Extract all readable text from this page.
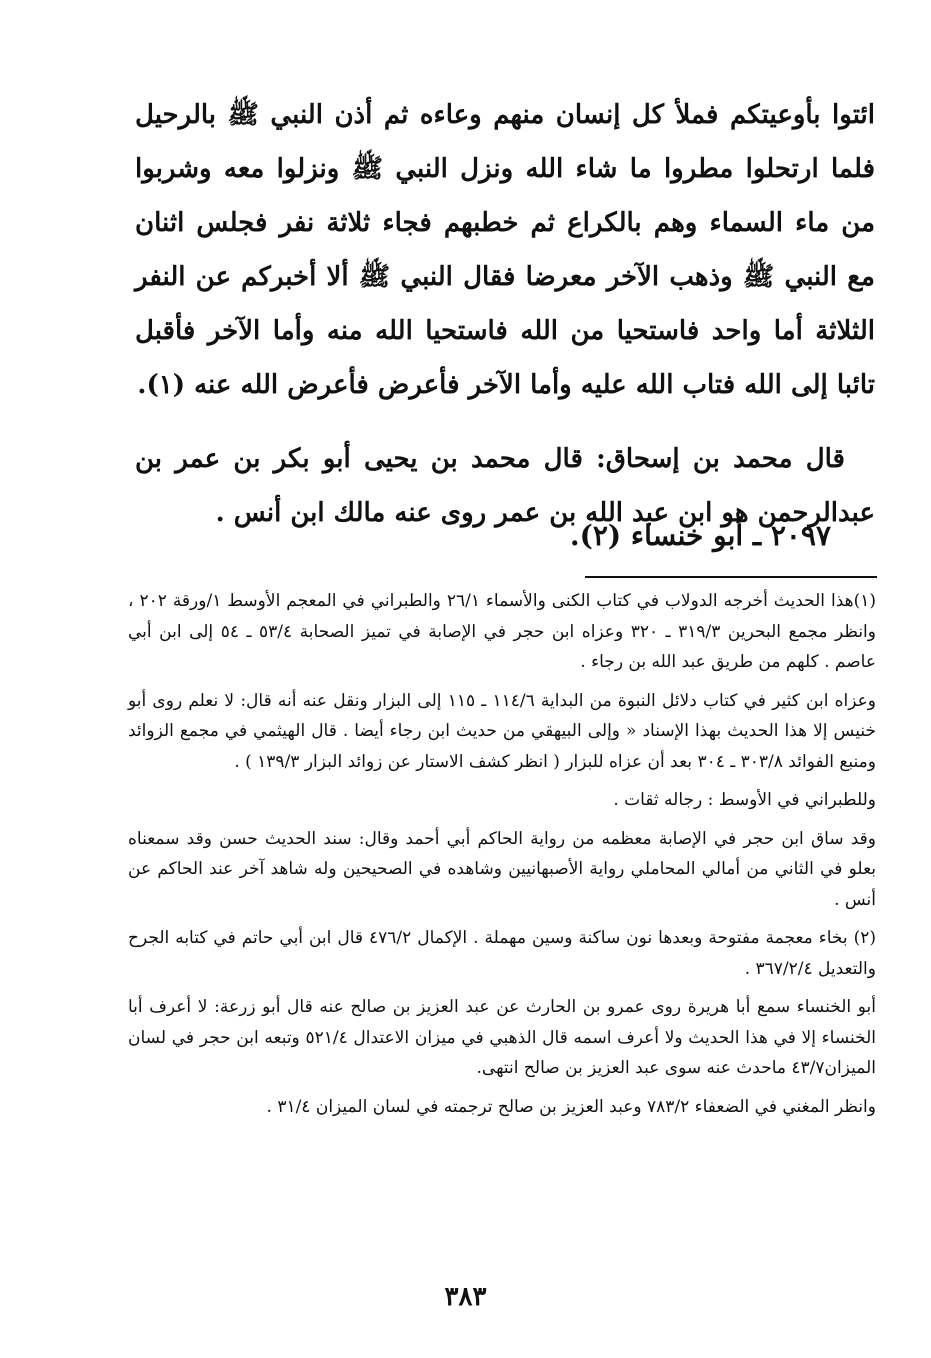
ائتوا بأوعيتكم فملأ كل إنسان منهم وعاءه ثم أذن النبي ﷺ بالرحيل فلما ارتحلوا مطروا ما شاء الله ونزل النبي ﷺ ونزلوا معه وشربوا من ماء السماء وهم بالكراع ثم خطبهم فجاء ثلاثة نفر فجلس اثنان مع النبي ﷺ وذهب الآخر معرضا فقال النبي ﷺ ألا أخبركم عن النفر الثلاثة أما واحد فاستحيا من الله فاستحيا الله منه وأما الآخر فأقبل تائبا إلى الله فتاب الله عليه وأما الآخر فأعرض فأعرض الله عنه (١).

قال محمد بن إسحاق: قال محمد بن يحيى أبو بكر بن عمر بن عبدالرحمن هو ابن عبد الله بن عمر روى عنه مالك ابن أنس .

٢٠٩٧ ـ أبو خنساء (٢).

(١)هذا الحديث أخرجه الدولاب في كتاب الكنى والأسماء ٢٦/١ والطبراني في المعجم الأوسط ١/ورقة ٢٠٢ ، وانظر مجمع البحرين ٣١٩/٣ ـ ٣٢٠ وعزاه ابن حجر في الإصابة في تميز الصحابة ٥٣/٤ ـ ٥٤ إلى ابن أبي عاصم . كلهم من طريق عبد الله بن رجاء .

وعزاه ابن كثير في كتاب دلائل النبوة من البداية ١١٤/٦ ـ ١١٥ إلى البزار ونقل عنه أنه قال: لا نعلم روى أبو خنيس إلا هذا الحديث بهذا الإسناد « وإلى البيهقي من حديث ابن رجاء أيضا . قال الهيثمي في مجمع الزوائد ومنبع الفوائد ٣٠٣/٨ ـ ٣٠٤ بعد أن عزاه للبزار ( انظر كشف الاستار عن زوائد البزار ١٣٩/٣ ) .

وللطبراني في الأوسط : رجاله ثقات .

وقد ساق ابن حجر في الإصابة معظمه من رواية الحاكم أبي أحمد وقال: سند الحديث حسن وقد سمعناه بعلو في الثاني من أمالي المحاملي رواية الأصبهانيين وشاهده في الصحيحين وله شاهد آخر عند الحاكم عن أنس .

(٢) بخاء معجمة مفتوحة وبعدها نون ساكنة وسين مهملة . الإكمال ٤٧٦/٢ قال ابن أبي حاتم في كتابه الجرح والتعديل ٣٦٧/٢/٤ .

أبو الخنساء سمع أبا هريرة روى عمرو بن الحارث عن عبد العزيز بن صالح عنه قال أبو زرعة: لا أعرف أبا الخنساء إلا في هذا الحديث ولا أعرف اسمه قال الذهبي في ميزان الاعتدال ٥٢١/٤ وتبعه ابن حجر في لسان الميزان٤٣/٧ ماحدث عنه سوى عبد العزيز بن صالح انتهى.

وانظر المغني في الضعفاء ٧٨٣/٢ وعبد العزيز بن صالح ترجمته في لسان الميزان ٣١/٤ .

٣٨٣
